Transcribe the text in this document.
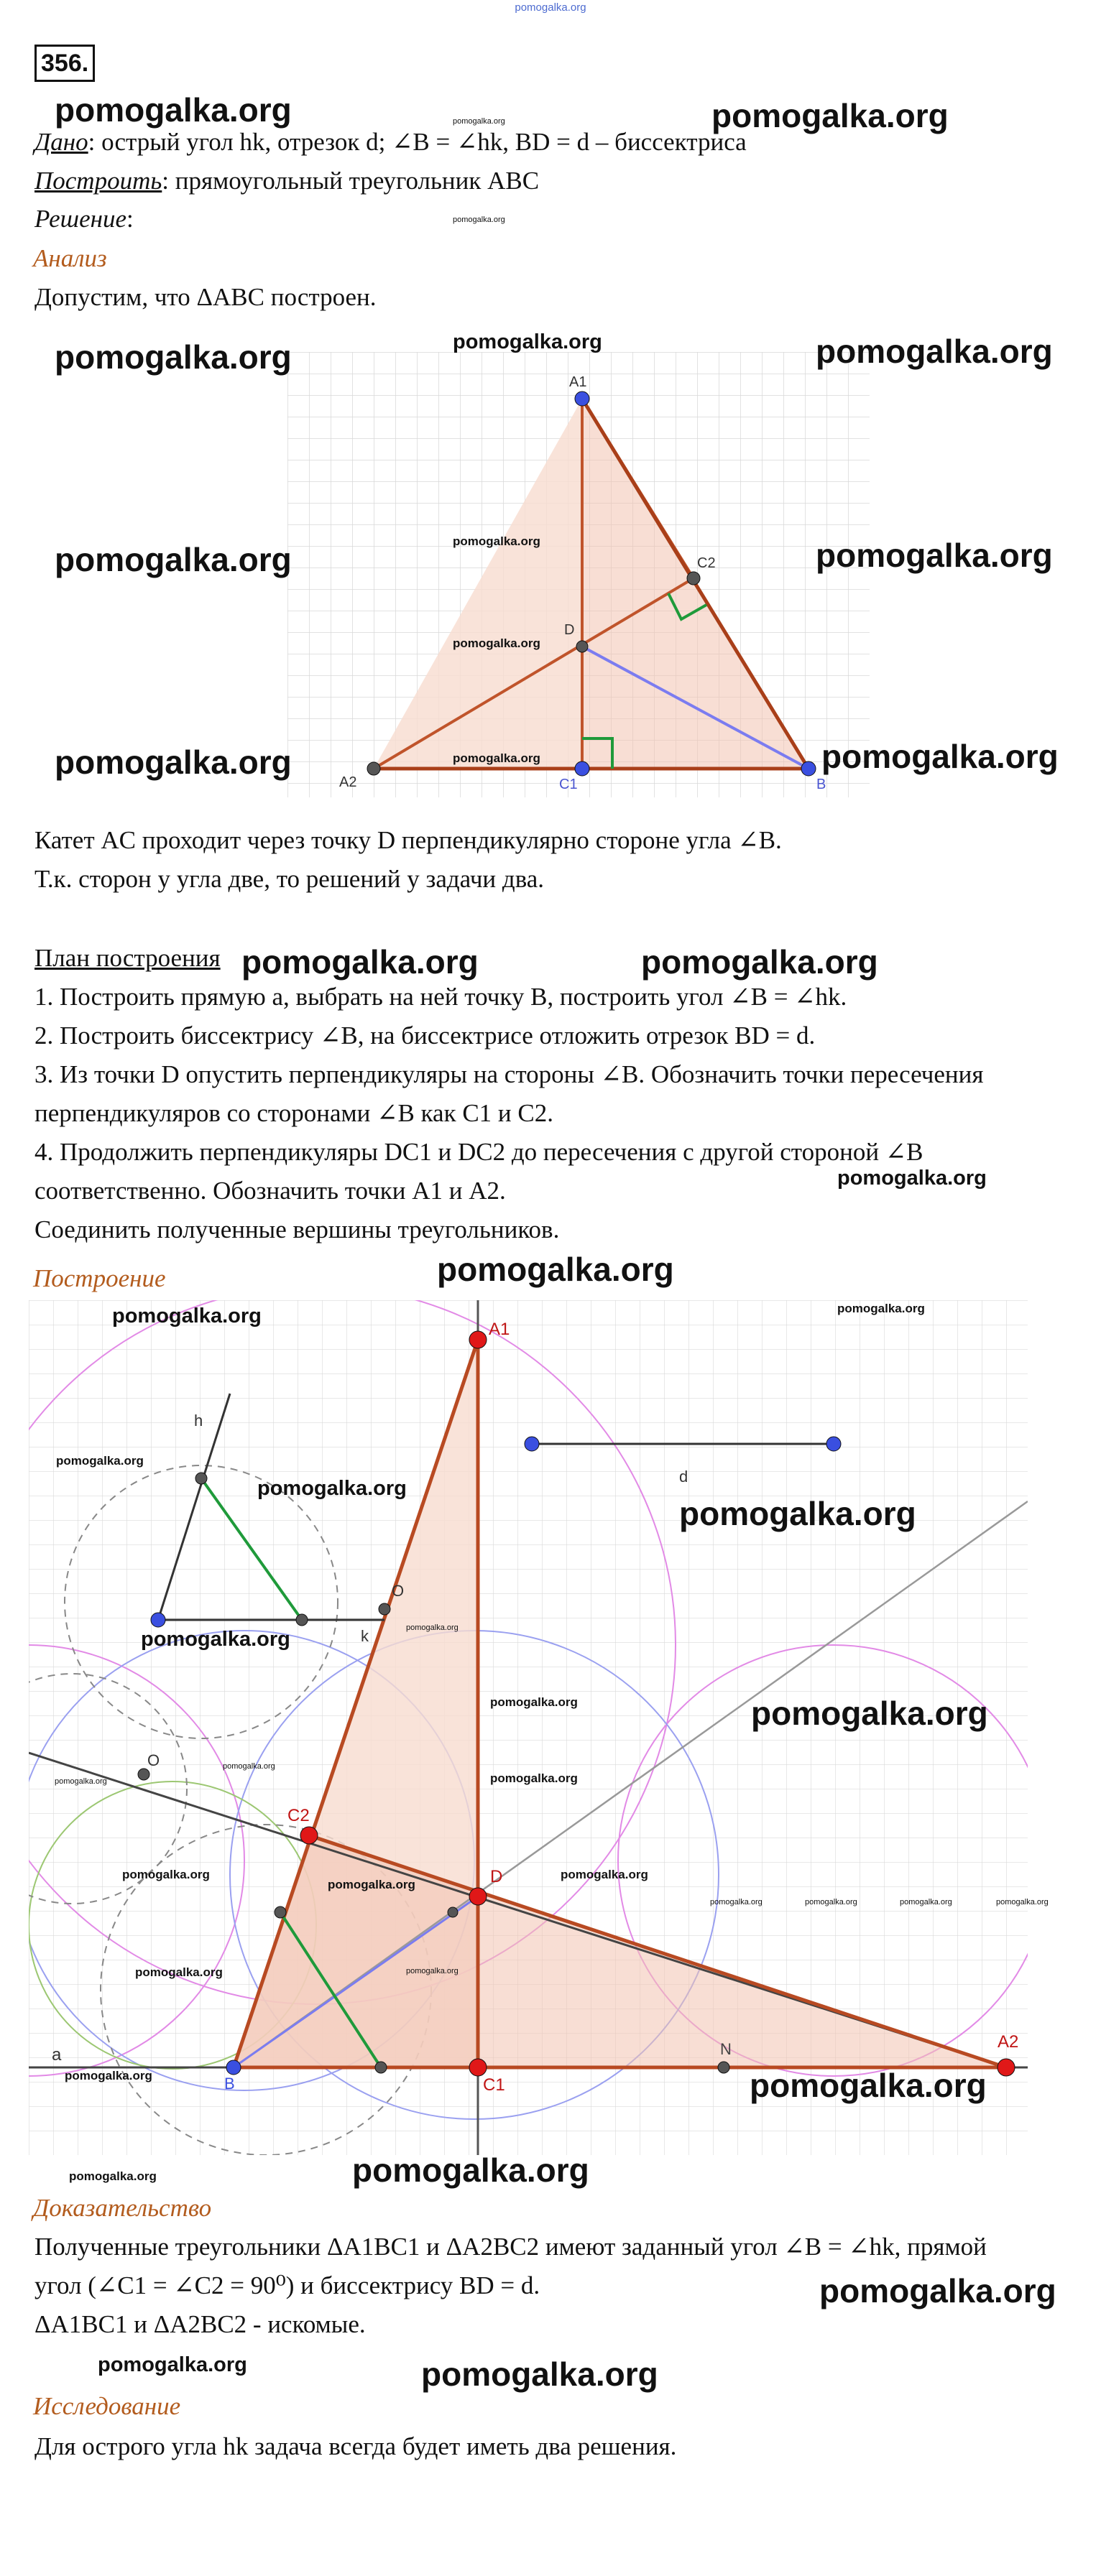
pomogalka.org
356.
Дано: острый угол hk, отрезок d; ∠B = ∠hk, BD = d – биссектриса
Построить: прямоугольный треугольник ABC
Решение:
Анализ
Допустим, что ΔABC построен.
A1
C2
D
A2	C1	B
Катет AC проходит через точку D перпендикулярно стороне угла ∠B.
Т.к. сторон у угла две, то решений у задачи два.
План построения
1. Построить прямую a, выбрать на ней точку B, построить угол ∠B = ∠hk.
2. Построить биссектрису ∠B, на биссектрисе отложить отрезок BD = d.
3. Из точки D опустить перпендикуляры на стороны ∠B. Обозначить точки пересечения
перпендикуляров со сторонами ∠B как C1 и C2.
4. Продолжить перпендикуляры DC1 и DC2 до пересечения с другой стороной ∠B
соответственно. Обозначить точки A1 и A2.
Соединить полученные вершины треугольников.
Построение
h
k
O
O
d
A1
C2
D
B	C1
N	A2
a
Доказательство
Полученные треугольники ΔA1BC1 и ΔA2BC2 имеют заданный угол ∠B = ∠hk, прямой
угол (∠C1 = ∠C2 = 90⁰) и биссектрису BD = d.
ΔA1BC1 и ΔA2BC2 - искомые.
Исследование
Для острого угла hk задача всегда будет иметь два решения.
pomogalka.org	pomogalka.org
pomogalka.org
pomogalka.org
pomogalka.org	pomogalka.org	pomogalka.org
pomogalka.org	pomogalka.org	pomogalka.org
pomogalka.org
pomogalka.org	pomogalka.org	pomogalka.org
pomogalka.org	pomogalka.org
pomogalka.org
pomogalka.org
pomogalka.org	pomogalka.org
pomogalka.org
pomogalka.org
pomogalka.org
pomogalka.org	pomogalka.org
pomogalka.org	pomogalka.org
pomogalka.org	pomogalka.org
pomogalka.org
pomogalka.org
pomogalka.org
pomogalka.org
pomogalka.org	pomogalka.org	pomogalka.org	pomogalka.org
pomogalka.org	pomogalka.org
pomogalka.org	pomogalka.org
pomogalka.org
pomogalka.org
pomogalka.org
pomogalka.org	pomogalka.org
